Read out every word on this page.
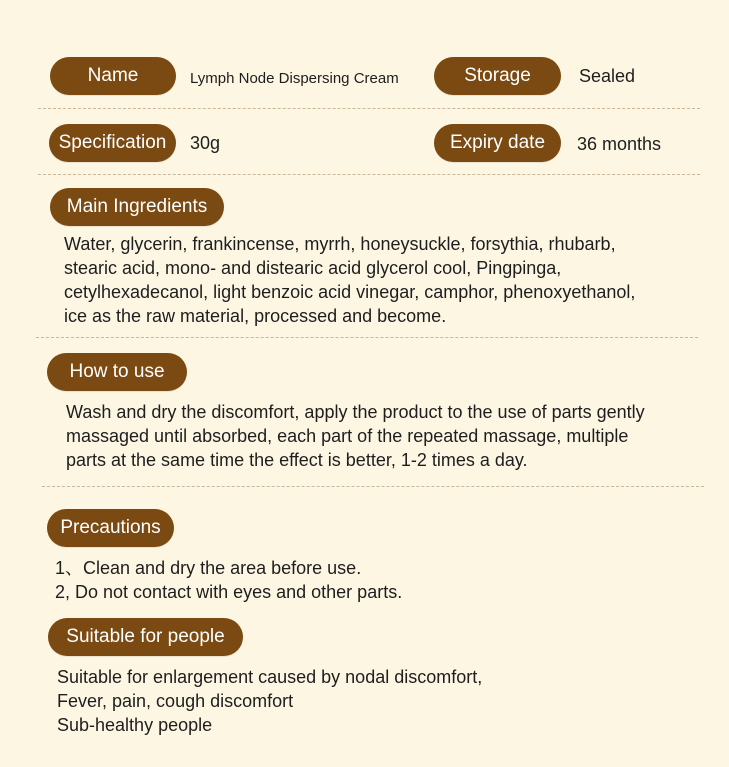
Name	Lymph Node Dispersing Cream	Storage	Sealed
Specification	30g	Expiry date	36 months
Main Ingredients
Water, glycerin, frankincense, myrrh, honeysuckle, forsythia, rhubarb,
stearic acid, mono- and distearic acid glycerol cool, Pingpinga,
cetylhexadecanol, light benzoic acid vinegar, camphor, phenoxyethanol,
ice as the raw material, processed and become.
How to use
Wash and dry the discomfort, apply the product to the use of parts gently
massaged until absorbed, each part of the repeated massage, multiple
parts at the same time the effect is better, 1-2 times a day.
Precautions
1、Clean and dry the area before use.
2, Do not contact with eyes and other parts.
Suitable for people
Suitable for enlargement caused by nodal discomfort,
Fever, pain, cough discomfort
Sub-healthy people
